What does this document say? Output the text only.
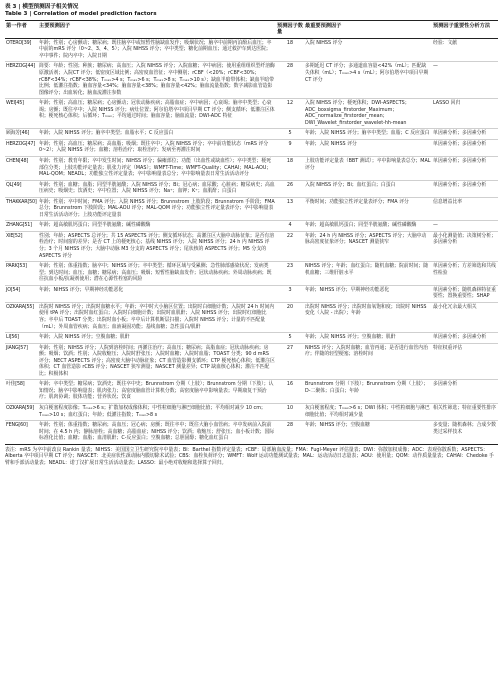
表 3 | 模型预测因子相关情况
Table 3 | Correlation of model prediction factors
第一作者	主要预测因子	预测因子数量	最重要预测因子	预测因子重要性分析方法
OTERO[39]	年龄；性别；心房颤动；糖尿病；既往脑卒中或短暂性脑缺血发作；吸烟状况；脑卒中前期丙泊酚后血压；卒中前的mRS 评分（0~2、3、4、5）；入院 NIHSS 评分；卒中类型；糖化前期血压；通过救护车到达医院；卒中事件；院内卒中；入院日期	18	入院 NIHSS 评分	经验：文献
HERZOG[44]	简要：年龄；性别；种族；糖尿病；高血压；入院 NIHSS 评分；入院血糖；卒中病因；使用重组组织型纤溶酶原激活剂；入院CT 评分；低密度区域比例；高密度血管征；卒中侧别；rCBF（<20%；rCBF<30%；rCBF<34%；rCBF<38%；Tₘₐₓ>4 s；Tₘₐₓ>6 s；Tₘₐₓ>8 s；Tₘₐₓ>10 s）；缺血半暗带体积；缺血半暗带比例；低灌注指数；脑血容量<34%；脑血容量<38%；脑血容量<42%；脑血流量指数；数字减影血管造影图像评分；出血转化；脑血流灌注参数	28	多期延迟 CT 评分；多通道血容量<42%（mL）；匹配缺失体积（mL）；Tₘₐₓ>4 s（mL）；阿尔伯塔卒中项目早期 CT 评分	—
WEI[45]	年龄；性别；高血压；糖尿病；心房颤动；冠状动脉疾病；高脂血症；卒中病因；心衰竭；脑卒中类型；心衰竭；房颤；既往卒中；入院 NIHSS 评分；病灶位置；阿尔伯塔卒中项目早期 CT 评分；侧支循环；低灌注区体积；梗死核心体积；后循环；Tₘₐₓ；平均通过时间；脑血容量；脑血流量；DWI-ADC 特征	12	入院 NIHSS 评分；梗死体积；DWI-ASPECTS；ADC_boxsigma_firstorder_Maximum；ADC_normalize_firstorder_mean；DWI_Wavelet_firstorder_wavelet-hh-mean	LASSO 回归
顾海芳[46]	年龄；入院 NIHSS 评分；脑卒中类型；血脂水平；C 反应蛋白	5	年龄；入院 NIHSS 评分；脑卒中类型；血脂；C 反应蛋白	单因素分析；多因素分析
HERZOG[47]	年龄；性别；高血压；糖尿病；高血脂；吸烟；既往卒中；入院 NIHSS 评分；卒中前功能状态（mRS 评分 0~2）；入院 NIHSS 评分；血糖；溶栓治疗；取栓治疗；发病至再灌注时间	9	年龄；入院 NIHSS 评分	单因素分析；多因素分析
CHEN[48]	年龄；性别；教育年限；卒中发生时间；NIHSS 评分；偏瘫部位；功能（出血性或缺血性）；卒中类型；梗死部位分类；上肢功能评定量表；肌张力评定（MAS）；WMFT-Time；WMFT-Quality；CAHAI；MAL-AOU；MAL-QOM；NEADL；功能独立性评定量表；卒中影响量表总分；卒中影响量表日常生活活动评分	18	上肢功能评定量表（BBT 测试）；卒中影响量表总分；MAL 评分	单因素分析；多因素分析
QL[49]	年龄；性别；血糖；血脂；同型半胱氨酸；入院 NIHSS 评分；Bi；冠心病；血尿酸；心脏病；糖尿病史；高血压病史；吸烟史；饮酒史；卒中位置；入院 NIHSS 评分；Na⁺；血钾；K⁺；血肌酐；白蛋白	26	入院 NIHSS 评分；Bi；血红蛋白；白蛋白	单因素分析；多因素分析
THAKKAR[50]	年龄；性别；卒中时间；FMA 评分；入院 NIHSS 评分；Brunnstrom 上肢阶段；Brunnstrom 手阶段；FMA 总分；Brunnstrom 下肢阶段；MAL-AOU 评分；MAL-QOM 评分；功能独立性评定量表评分；卒中影响量表日常生活活动评分；上肢功能评定量表	13	平衡时间；功能独立性评定量表评分；FMA 评分	信息增益比率
ZHANG[51]	年龄；超高敏肌钙蛋白；同型半胱氨酸；碱性磷酸酶	4	年龄；超高敏肌钙蛋白；同型半胱氨酸；碱性磷酸酶	—
XIE[52]	性别；年龄；ASPECTS 总评分；共 15 ASPECTS 评分；侧支循环状态；高灌注区大脑中动脉征象；是否有溶栓治疗；时间窗的差异；是否 CT 上的梗死核心；基线 NIHSS 评分；入院 NIHSS 评分；24 h 内 NIHSS 评分；3 个月 NIHSS 评分；大脑中动脉 M3 分支的 ASPECTS 评分；尾状核的 ASPECTS 评分；M5 分支的 ASPECTS 评分	22	年龄；24 h 内 NIHSS 评分；ASPECTS 评分；大脑中动脉高密度征象评分；NASCET 测量狭窄	最小化测量值；决策树分析；多因素分析
PARK[53]	年龄；性别；体重指数；脑卒中；NIHSS 评分；卒中类型；循环区域与受累侧；急性肺部感染状况；发病类型；到达时间；血压；血糖；糖尿病；高血压；吸烟；短暂性脑缺血发作；冠状动脉疾病；外周动脉疾病；既往抗血小板/抗凝剂使用；潜在心源性栓塞的风险	23	NIHSS 评分；年龄；血红蛋白；随机血糖；院前时间；随机血糖；三维肝脏水平	单因素分析；方差筛选和共线性检验
JO[54]	年龄；NIHSS 评分；早期神经功能恶化	3	年龄；NIHSS 评分；早期神经功能恶化	单因素分析；随机森林特征重要性；置换重要性；SHAP
OZKARA[55]	出院时 NIHSS 评分；出院时血糖水平；年龄；卒中时大小脑区位置；出院时白细胞计数；入院时 24 h 时间内使用 tPA 评分；出院时血红蛋白；入院时白细胞计数；出院时血肌酐；入院 NIHSS 评分；出院时红细胞比容；卒中后 TOAST 分类；出院时血小板；卒中后计算机断层扫描；入院时 NIHSS 评分；计量的不匹配量（mL）；外周血管疾病；高血压；血液凝固功能；基线血糖；急性蛋白/肌酐	20	出院时 NIHSS 评分；出院时血氧饱和度；出院时 NIHSS 变化（入院 - 出院）；年龄	最小化冗余最大相关
LI[56]	年龄；入院 NIHSS 评分；空腹血糖；肌酐	5	年龄；入院 NIHSS 评分；空腹血糖；肌酐	单因素分析；多因素分析
JIANG[57]	年龄；性别；NIHSS 评分；人院到溶栓时间；再灌注治疗；高血压；糖尿病；高脂血症；冠状动脉疾病；房颤；吸烟；饮酒；性别；入院收缩压；入院时舒张压；入院时血糖；入院时血脂；TOAST 分类；90 d mRS 评分；NECT ASPECTS 评分；高密度大脑中动脉征象；CT 血管造影侧支循环；CTP 梗死核心体积；低灌注区体积；CT 血管造影 rCBS 评分；NASCET 狭窄测量；NASCET 测量差异；CTP 缺血核心体积；灌注不匹配比；积极体积	27	NIHSS 评分；入院时血糖；血管再通；是否进行血管内治疗；伴随的轻型梗塞；溶栓时间	特征权重评估
叶佳[58]	年龄；卒中类型；糖尿病；饮酒史；既往卒中史；Brunnstrom 分期（上肢）；Brunnstrom 分期（下肢）；认知情况；脑卒中影响量表；肌肉张力；高密度脑血管计算机分数；高密度脑卒中影响量表；早期康复干预治疗；肌肉协调；肢体功能；营养状况；饮食	16	Brunnstrom 分期（下肢）；Brunnstrom 分期（上肢）；D-二聚体；白蛋白；年龄	多因素分析
OZKARA[59]	灰白梗塞程度影像；Tₘₐₓ>6 s；扩散加权成像体积；中性粒细胞与淋巴细胞比值；平均相对减少 10 cm；Tₘₐₓ>10 s；血红蛋白；年龄；低灌注指数；Tₘₐₓ>8 s	10	灰白梗塞程度；Tₘₐₓ>6 s；DWI 体积；中性粒细胞与淋巴细胞比值；平均相对减少量	相关性筛选；特征重要性排序
FENG[60]	年龄；性别；体重指数；糖尿病；高血压；冠心病；房颤；既往卒中；既往大脑小血管病；卒中发病前入院前时间；在 4.5 h 内；静脉溶栓；高血糖；高脂血症；NIHSS 评分；饮酒；收缩压；舒张压；血小板计数；国际标准化比值；血糖；血脂；血清肌酐；C-反应蛋白；空腹血糖；总胆固醇；糖化血红蛋白	28	年龄；NIHSS 评分；空腹血糖	多变量；随机森林；合成少数类过采样技术
表注：mRS 为卒中前改良 Rankin 量表；NIHSS：美国国立卫生研究院卒中量表；Bi：Barthel 指数评定量表；rCBF：局部脑血流量；FMA：Fugl-Meyer 评估量表；DWI：弥散加权成像；ADC：表观弥散系数；ASPECTS：Alberta 卒中项目早期 CT 评分；NASCET：北美症状性颈动脉内膜切除术试验；CBS：血栓负荷评分；WMFT：Wolf 运动功能测试量表；MAL：运动活动日志量表；AOU：使用量；QOM：动作质量量表；CAHAI：Chedoke 手臂和手部活动量表；NEADL：诺丁汉扩展日常生活活动量表；LASSO：最小绝对收缩和选择算子回归。
